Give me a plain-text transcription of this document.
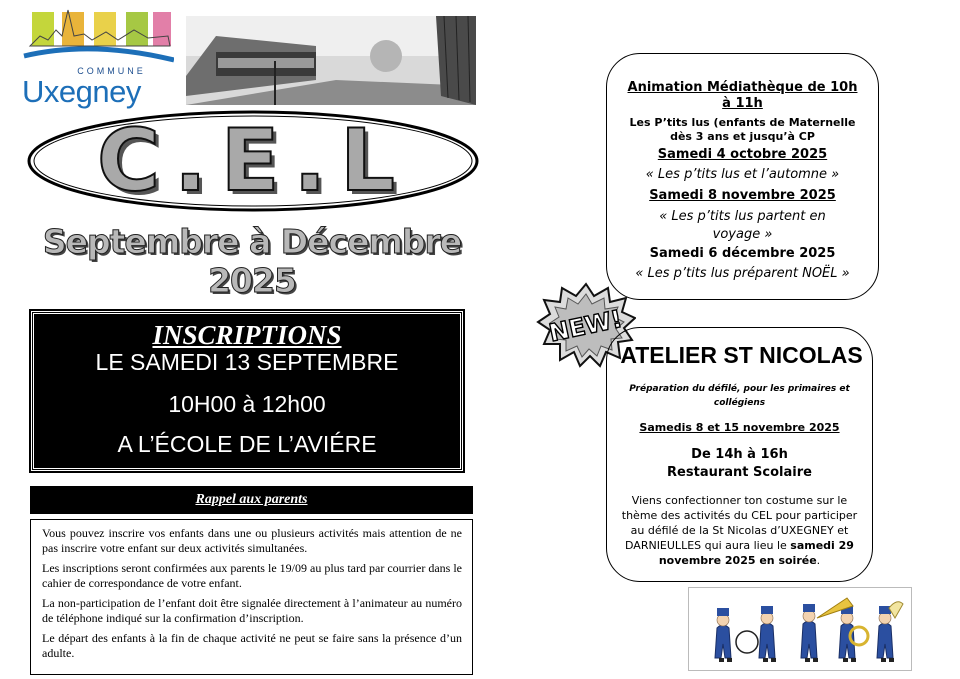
COMMUNE
Uxegney
C.E.L
Septembre à Décembre 2025
INSCRIPTIONS
LE SAMEDI 13 SEPTEMBRE
10H00 à 12h00
A L’ÉCOLE DE L’AVIÉRE
Rappel aux parents

Vous pouvez inscrire vos enfants dans une ou plusieurs activités mais attention de ne pas inscrire votre enfant sur deux activités simultanées.

Les inscriptions seront confirmées aux parents le 19/09 au plus tard par courrier dans le cahier de correspondance de votre enfant.

La non-participation de l’enfant doit être signalée directement à l’animateur au numéro de téléphone indiqué sur la confirmation d’inscription.

Le départ des enfants à la fin de chaque activité ne peut se faire sans la présence d’un adulte.

Animation Médiathèque de 10h à 11h
Les P’tits lus (enfants de Maternelle dès 3 ans et jusqu’à CP
Samedi 4 octobre 2025
« Les p’tits lus et l’automne »
Samedi 8 novembre 2025
« Les p’tits lus partent en voyage »
Samedi 6 décembre 2025
« Les p’tits lus préparent NOËL »
NEW!
ATELIER ST NICOLAS
Préparation du défilé, pour les primaires et collégiens
Samedis 8 et 15 novembre 2025
De 14h à 16h
Restaurant Scolaire
Viens confectionner ton costume sur le thème des activités du CEL pour participer au défilé de la St Nicolas d’UXEGNEY et DARNIEULLES qui aura lieu le samedi 29 novembre 2025 en soirée.
